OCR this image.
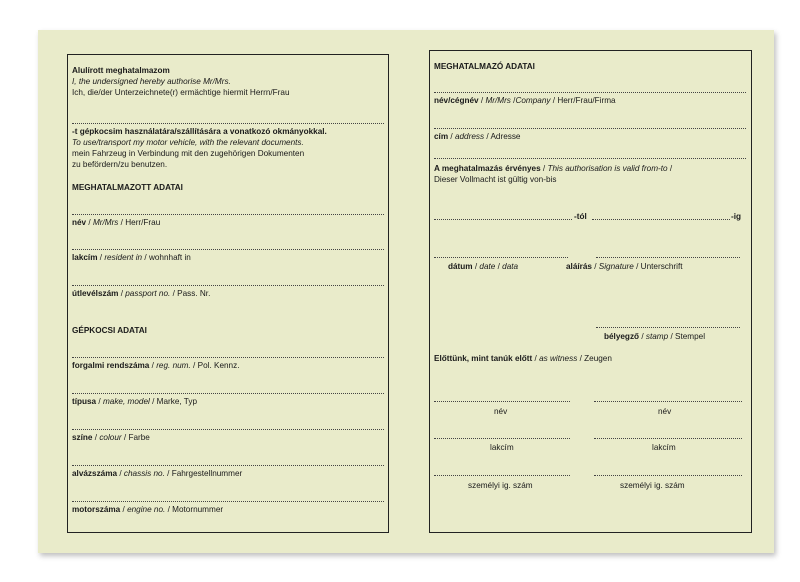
Alulírott meghatalmazom
I, the undersigned hereby authorise Mr/Mrs.
Ich, die/der Unterzeichnete(r) ermächtige hiermit Herrn/Frau
-t gépkocsim használatára/szállítására a vonatkozó okmányokkal.
To use/transport my motor vehicle, with the relevant documents.
mein Fahrzeug in Verbindung mit den zugehörigen Dokumenten
zu befördern/zu benutzen.
MEGHATALMAZOTT ADATAI
név / Mr/Mrs / Herr/Frau
lakcím / resident in / wohnhaft in
útlevélszám / passport no. / Pass. Nr.
GÉPKOCSI ADATAI
forgalmi rendszáma / reg. num. / Pol. Kennz.
típusa / make, model / Marke, Typ
színe / colour / Farbe
alvázszáma / chassis no. / Fahrgestellnummer
motorszáma / engine no. / Motornummer
MEGHATALMAZÓ ADATAI
név/cégnév / Mr/Mrs /Company / Herr/Frau/Firma
cím / address / Adresse
A meghatalmazás érvényes / This authorisation is valid from-to /
Dieser Vollmacht ist gültig von-bis
-tól	-ig
dátum / date / data	aláírás / Signature / Unterschrift
bélyegző / stamp / Stempel
Előttünk, mint tanúk előtt / as witness / Zeugen
név	név
lakcím	lakcím
személyi ig. szám	személyi ig. szám
